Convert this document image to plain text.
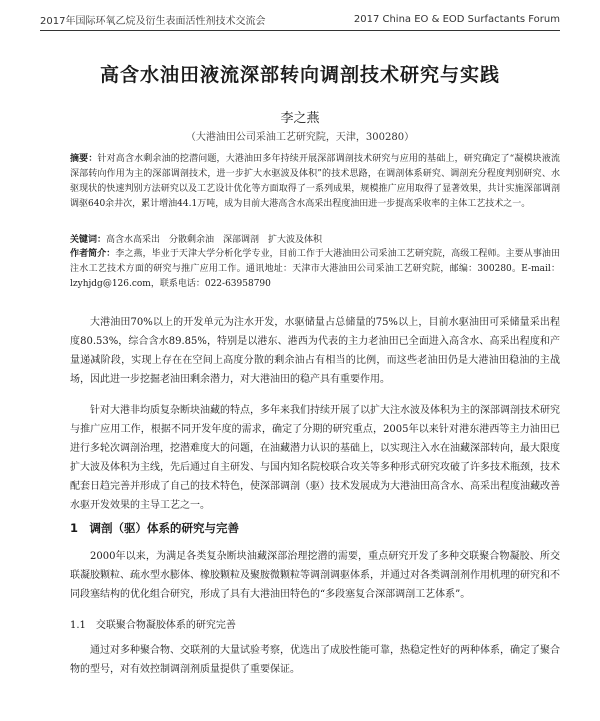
2017年国际环氧乙烷及衍生表面活性剂技术交流会	2017 China EO & EOD Surfactants Forum
高含水油田液流深部转向调剖技术研究与实践
李之燕
（大港油田公司采油工艺研究院，天津，300280）
摘要：针对高含水剩余油的挖潜问题，大港油田多年持续开展深部调剖技术研究与应用的基础上，研究确定了“凝模块液流深部转向作用为主的深部调剖技术，进一步扩大水驱波及体积”的技术思路，在调剖体系研究、调剖充分程度判别研究、水驱现状的快速判别方法研究以及工艺设计优化等方面取得了一系列成果，规模推广应用取得了显著效果，共计实施深部调剖调驱640余井次，累计增油44.1万吨，成为目前大港高含水高采出程度油田进一步提高采收率的主体工艺技术之一。
关键词：高含水高采出　分散剩余油　深部调剖　扩大波及体积
作者简介：李之燕，毕业于天津大学分析化学专业，目前工作于大港油田公司采油工艺研究院，高级工程师。主要从事油田注水工艺技术方面的研究与推广应用工作。通讯地址：天津市大港油田公司采油工艺研究院，邮编：300280。E-mail：lzyhjdg@126.com，联系电话：022-63958790

大港油田70%以上的开发单元为注水开发，水驱储量占总储量的75%以上，目前水驱油田可采储量采出程度80.53%，综合含水89.85%，特别是以港东、港西为代表的主力老油田已全面进入高含水、高采出程度和产量递减阶段，实现上存在在空间上高度分散的剩余油占有相当的比例，而这些老油田仍是大港油田稳油的主战场，因此进一步挖掘老油田剩余潜力，对大港油田的稳产具有重要作用。

针对大港非均质复杂断块油藏的特点，多年来我们持续开展了以扩大注水波及体积为主的深部调剖技术研究与推广应用工作，根据不同开发年度的需求，确定了分期的研究重点，2005年以来针对港东港西等主力油田已进行多轮次调剖治理，挖潜难度大的问题，在油藏潜力认识的基础上，以实现注入水在油藏深部转向，最大限度扩大波及体积为主线，先后通过自主研发、与国内知名院校联合攻关等多种形式研究攻破了许多技术瓶颈，技术配套日趋完善并形成了自己的技术特色，使深部调剖（驱）技术发展成为大港油田高含水、高采出程度油藏改善水驱开发效果的主导工艺之一。

1　调剖（驱）体系的研究与完善

2000年以来，为满足各类复杂断块油藏深部治理挖潜的需要，重点研究开发了多种交联聚合物凝胶、所交联凝胶颗粒、疏水型水膨体、橡胶颗粒及聚胺微颗粒等调剖调驱体系，并通过对各类调剖剂作用机理的研究和不同段塞结构的优化组合研究，形成了具有大港油田特色的“多段塞复合深部调剖工艺体系”。

1.1　交联聚合物凝胶体系的研究完善

通过对多种聚合物、交联剂的大量试验考察，优选出了成胶性能可靠，热稳定性好的两种体系，确定了聚合物的型号，对有效控制调剖剂质量提供了重要保证。
